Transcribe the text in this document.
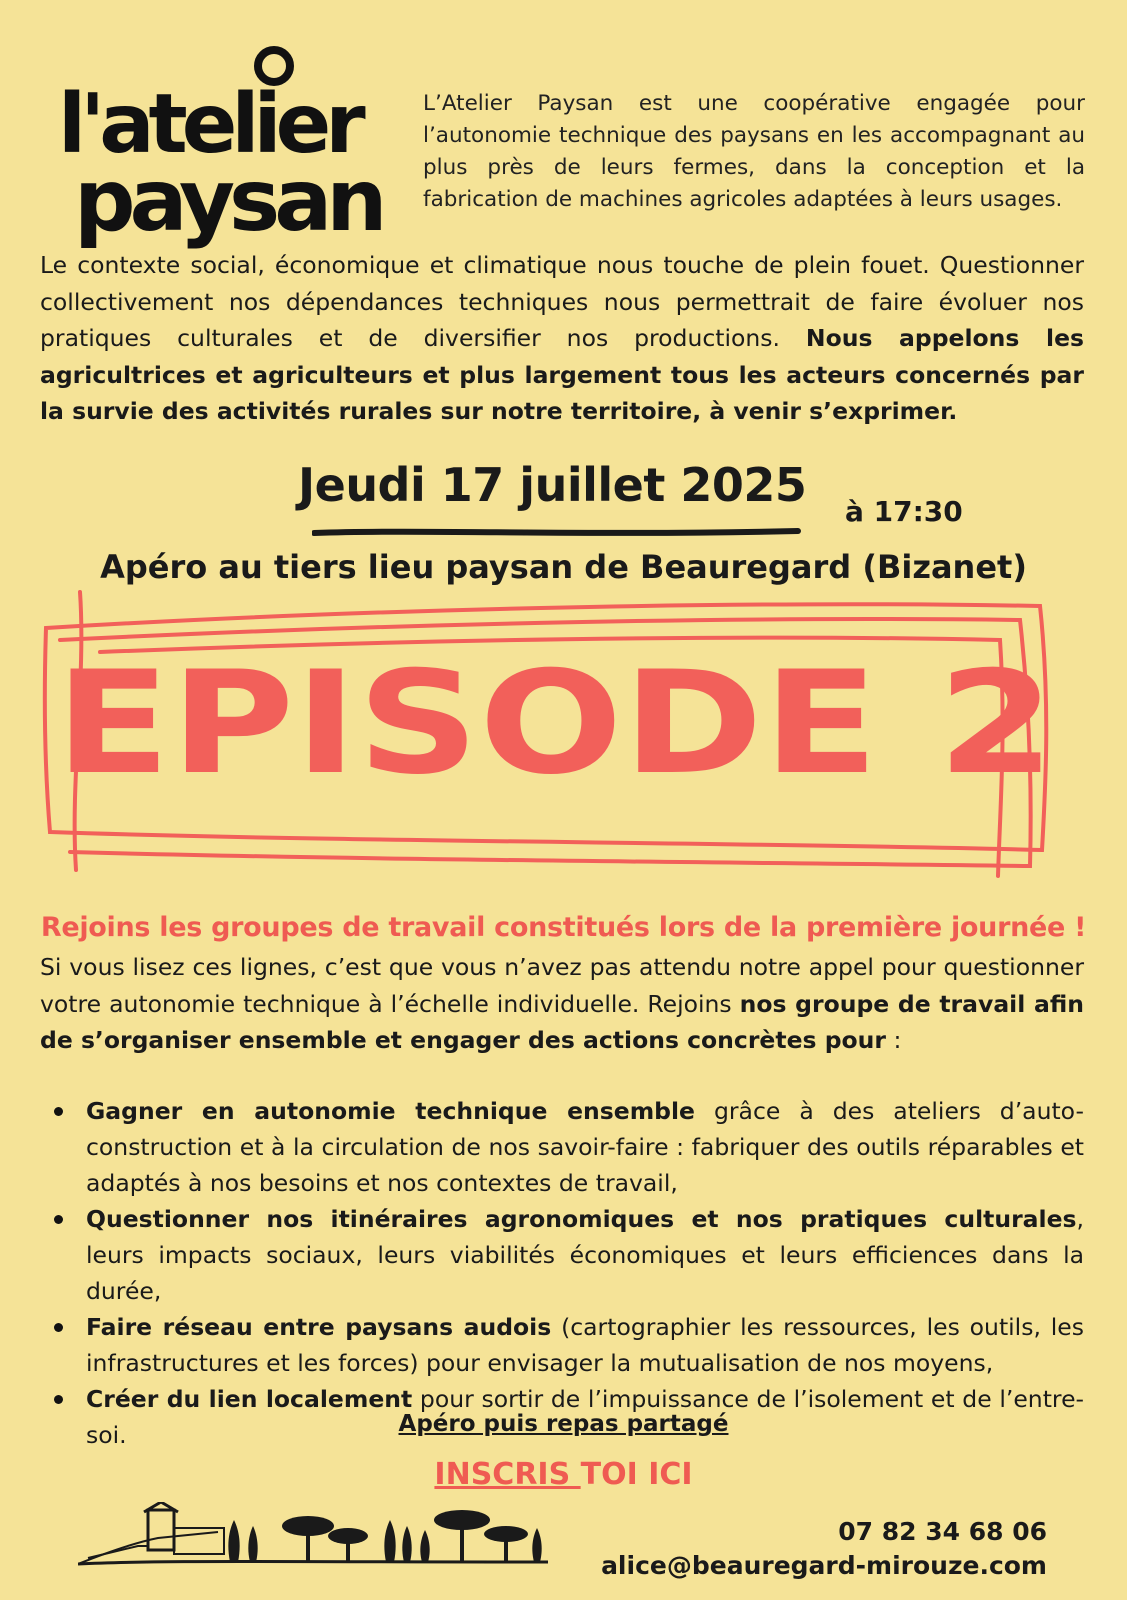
l'atelier
paysan
L’Atelier Paysan est une coopérative engagée pour l’autonomie technique des paysans en les accompagnant au plus près de leurs fermes, dans la conception et la fabrication de machines agricoles adaptées à leurs usages.
Le contexte social, économique et climatique nous touche de plein fouet. Questionner collectivement nos dépendances techniques nous permettrait de faire évoluer nos pratiques culturales et de diversifier nos productions. Nous appelons les agricultrices et agriculteurs et plus largement tous les acteurs concernés par la survie des activités rurales sur notre territoire, à venir s’exprimer.
Jeudi 17 juillet 2025 à 17:30
Apéro au tiers lieu paysan de Beauregard (Bizanet)
EPISODE 2
Rejoins les groupes de travail constitués lors de la première journée !
Si vous lisez ces lignes, c’est que vous n’avez pas attendu notre appel pour questionner votre autonomie technique à l’échelle individuelle. Rejoins nos groupe de travail afin de s’organiser ensemble et engager des actions concrètes pour :
Gagner en autonomie technique ensemble grâce à des ateliers d’auto-construction et à la circulation de nos savoir-faire : fabriquer des outils réparables et adaptés à nos besoins et nos contextes de travail,
Questionner nos itinéraires agronomiques et nos pratiques culturales, leurs impacts sociaux, leurs viabilités économiques et leurs efficiences dans la durée,
Faire réseau entre paysans audois (cartographier les ressources, les outils, les infrastructures et les forces) pour envisager la mutualisation de nos moyens,
Créer du lien localement pour sortir de l’impuissance de l’isolement et de l’entre-soi.	Apéro puis repas partagé
INSCRIS TOI ICI
07 82 34 68 06
alice@beauregard-mirouze.com
